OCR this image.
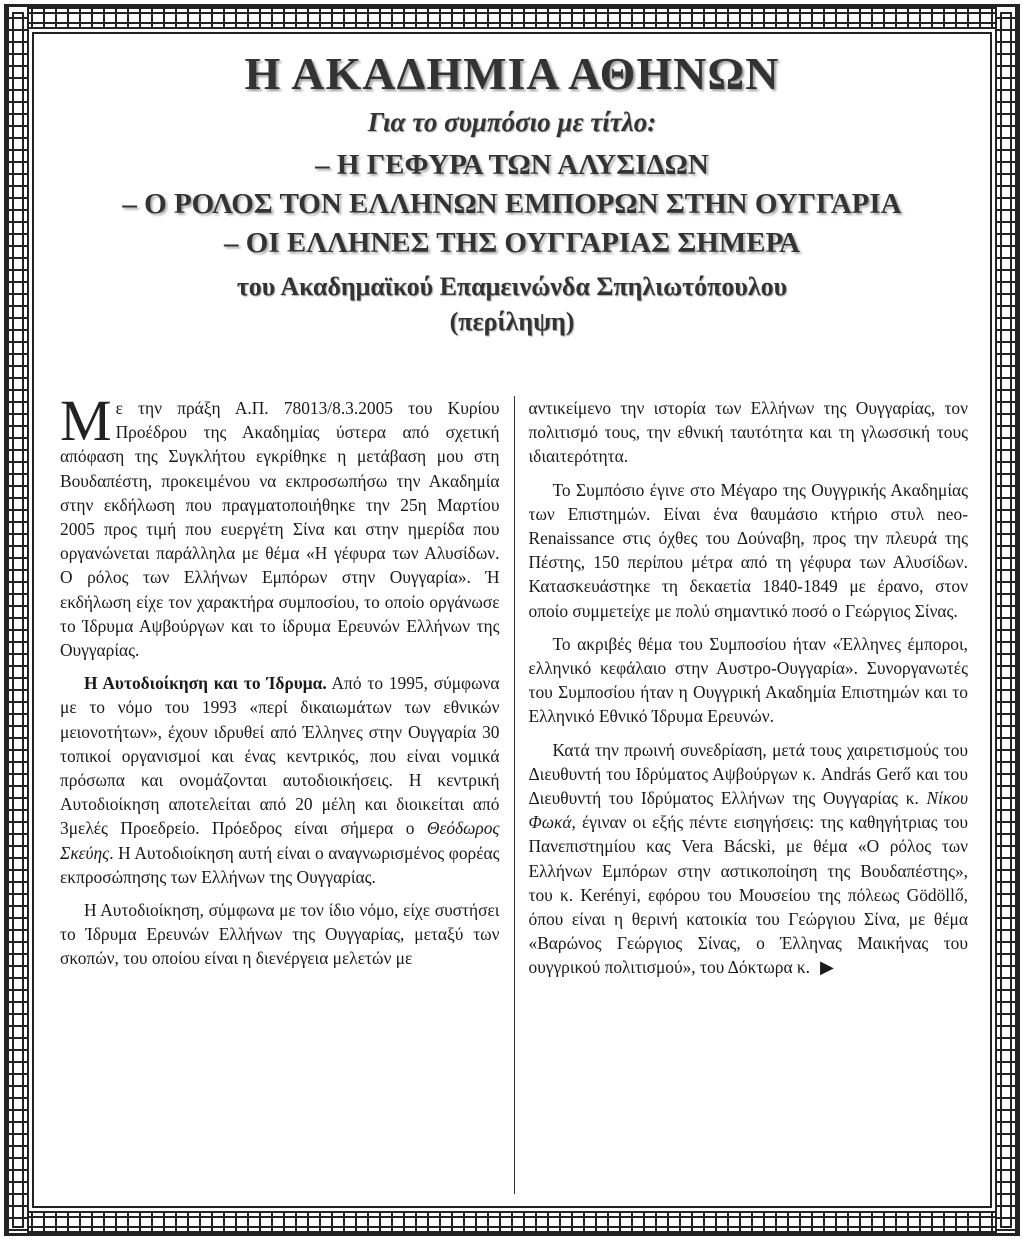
Η ΑΚΑΔΗΜΙΑ ΑΘΗΝΩΝ
Για το συμπόσιο με τίτλο:
– Η ΓΕΦΥΡΑ ΤΩΝ ΑΛΥΣΙΔΩΝ
– Ο ΡΟΛΟΣ ΤΟΝ ΕΛΛΗΝΩΝ ΕΜΠΟΡΩΝ ΣΤΗΝ ΟΥΓΓΑΡΙΑ
– ΟΙ ΕΛΛΗΝΕΣ ΤΗΣ ΟΥΓΓΑΡΙΑΣ ΣΗΜΕΡΑ
του Ακαδημαϊκού Επαμεινώνδα Σπηλιωτόπουλου
(περίληψη)

Με την πράξη Α.Π. 78013/8.3.2005 του Κυρίου Προέδρου της Ακαδημίας ύστερα από σχετική απόφαση της Συγκλήτου εγκρίθηκε η μετάβαση μου στη Βουδαπέστη, προκειμένου να εκπροσωπήσω την Ακαδημία στην εκδήλωση που πραγματοποιήθηκε την 25η Μαρτίου 2005 προς τιμή που ευεργέτη Σίνα και στην ημερίδα που οργανώνεται παράλληλα με θέμα «Η γέφυρα των Αλυσίδων. Ο ρόλος των Ελλήνων Εμπόρων στην Ουγγαρία». Ή εκδήλωση είχε τον χαρακτήρα συμποσίου, το οποίο οργάνωσε το Ίδρυμα Αψβούργων και το ίδρυμα Ερευνών Ελλήνων της Ουγγαρίας.

Η Αυτοδιοίκηση και το Ίδρυμα. Από το 1995, σύμφωνα με το νόμο του 1993 «περί δικαιωμάτων των εθνικών μειονοτήτων», έχουν ιδρυθεί από Έλληνες στην Ουγγαρία 30 τοπικοί οργανισμοί και ένας κεντρικός, που είναι νομικά πρόσωπα και ονομάζονται αυτοδιοικήσεις. Η κεντρική Αυτοδιοίκηση αποτελείται από 20 μέλη και διοικείται από 3μελές Προεδρείο. Πρόεδρος είναι σήμερα ο Θεόδωρος Σκεύης. Η Αυτοδιοίκηση αυτή είναι ο αναγνωρισμένος φορέας εκπροσώπησης των Ελλήνων της Ουγγαρίας.

Η Αυτοδιοίκηση, σύμφωνα με τον ίδιο νόμο, είχε συστήσει το Ίδρυμα Ερευνών Ελλήνων της Ουγγαρίας, μεταξύ των σκοπών, του οποίου είναι η διενέργεια μελετών με

αντικείμενο την ιστορία των Ελλήνων της Ουγγαρίας, τον πολιτισμό τους, την εθνική ταυτότητα και τη γλωσσική τους ιδιαιτερότητα.

Το Συμπόσιο έγινε στο Μέγαρο της Ουγγρικής Ακαδημίας των Επιστημών. Είναι ένα θαυμάσιο κτήριο στυλ neo-Renaissance στις όχθες του Δούναβη, προς την πλευρά της Πέστης, 150 περίπου μέτρα από τη γέφυρα των Αλυσίδων. Κατασκευάστηκε τη δεκαετία 1840-1849 με έρανο, στον οποίο συμμετείχε με πολύ σημαντικό ποσό ο Γεώργιος Σίνας.

Το ακριβές θέμα του Συμποσίου ήταν «Έλληνες έμποροι, ελληνικό κεφάλαιο στην Αυστρο-Ουγγαρία». Συνοργανωτές του Συμποσίου ήταν η Ουγγρική Ακαδημία Επιστημών και το Ελληνικό Εθνικό Ίδρυμα Ερευνών.

Κατά την πρωινή συνεδρίαση, μετά τους χαιρετισμούς του Διευθυντή του Ιδρύματος Αψβούργων κ. András Gerő και του Διευθυντή του Ιδρύματος Ελλήνων της Ουγγαρίας κ. Νίκου Φωκά, έγιναν οι εξής πέντε εισηγήσεις: της καθηγήτριας του Πανεπιστημίου κας Vera Bácski, με θέμα «Ο ρόλος των Ελλήνων Εμπόρων στην αστικοποίηση της Βουδαπέστης», του κ. Kerényi, εφόρου του Μουσείου της πόλεως Gödöllő, όπου είναι η θερινή κατοικία του Γεώργιου Σίνα, με θέμα «Βαρώνος Γεώργιος Σίνας, ο Έλληνας Μαικήνας του ουγγρικού πολιτισμού», του Δόκτωρα κ. ▶
